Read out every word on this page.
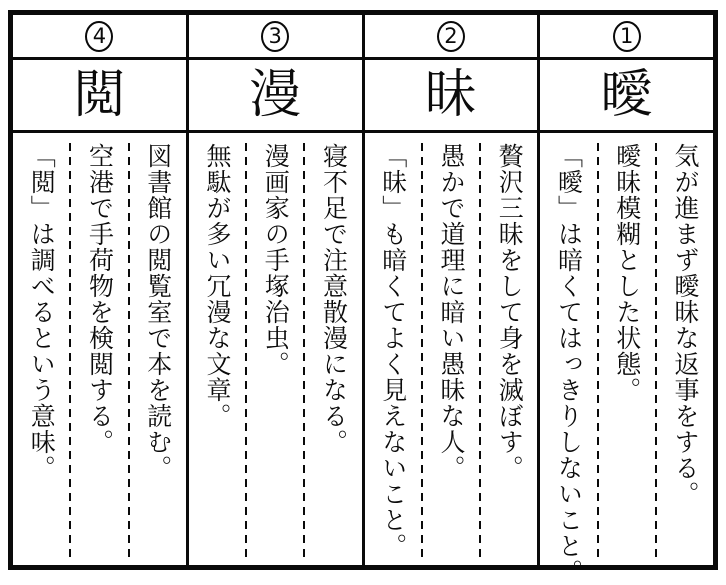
1
曖
気が進まず曖昧な返事をする。
曖昧模糊とした状態。
「曖」は暗くてはっきりしないこと。
2
昧
贅沢三昧をして身を滅ぼす。
愚かで道理に暗い愚昧な人。
「昧」も暗くてよく見えないこと。
3
漫
寝不足で注意散漫になる。
漫画家の手塚治虫。
無駄が多い冗漫な文章。
4
閲
図書館の閲覧室で本を読む。
空港で手荷物を検閲する。
「閲」は調べるという意味。
